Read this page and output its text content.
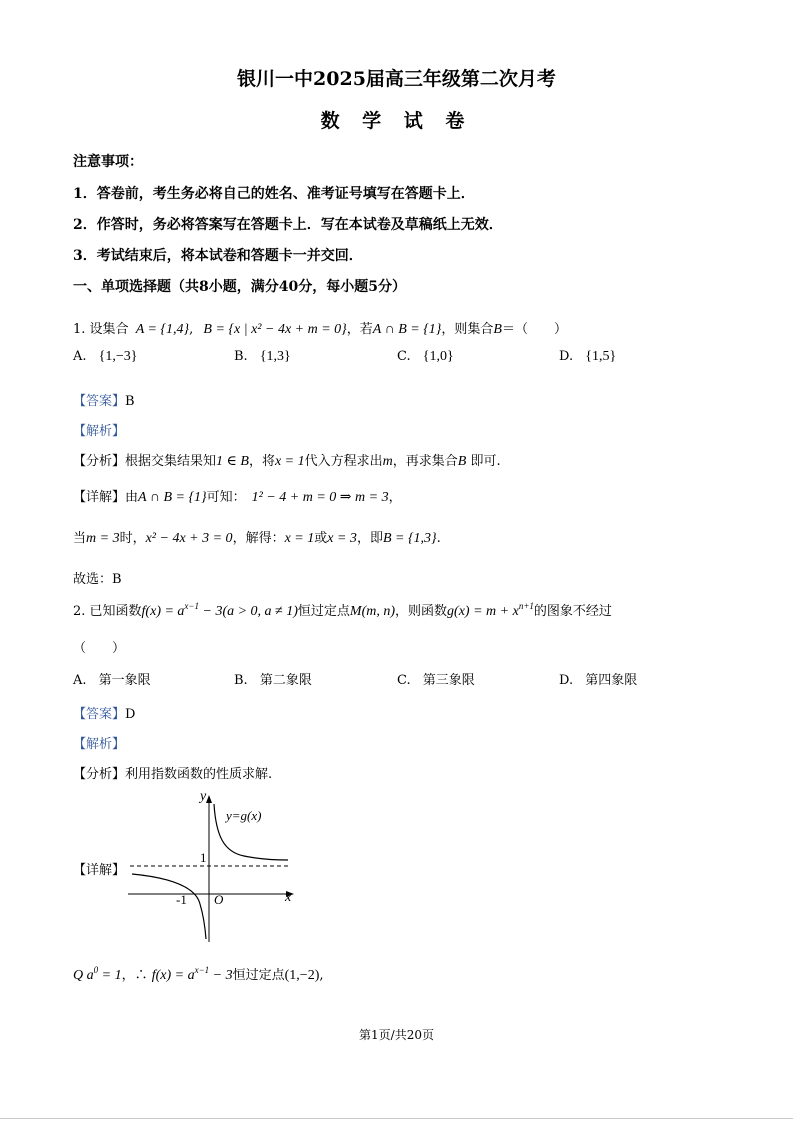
银川一中2025届高三年级第二次月考
数 学 试 卷
注意事项：
1．答卷前，考生务必将自己的姓名、准考证号填写在答题卡上．
2．作答时，务必将答案写在答题卡上．写在本试卷及草稿纸上无效．
3．考试结束后，将本试卷和答题卡一并交回．
一、单项选择题（共8小题，满分40分，每小题5分）
1. 设集合 A = {1,4}, B = {x | x² − 4x + m = 0}，若A ∩ B = {1}，则集合B＝（　　）
A. {1,−3}	B. {1,3}	C. {1,0}	D. {1,5}
【答案】B
【解析】
【分析】根据交集结果知1 ∈ B，将x = 1代入方程求出m，再求集合B 即可.
【详解】由A ∩ B = {1}可知： 1² − 4 + m = 0 ⇒ m = 3，
当m = 3时，x² − 4x + 3 = 0，解得：x = 1或x = 3，即B = {1,3}.
故选：B
2. 已知函数$f(x) = a^{x-1} - 3(a > 0$, a ≠ 1)恒过定点M(m, n)，则函数$g(x) = m + x^{n+1}$的图象不经过
（　　）
A. 第一象限	B. 第二象限	C. 第三象限	D. 第四象限
【答案】D
【解析】
【分析】利用指数函数的性质求解.
【详解】
y
x
y=g(x)
1
-1 O
Q $a^0 = 1$，∴ $f(x) = a^{x-1} - 3$恒过定点(1,−2),
第1页/共20页
